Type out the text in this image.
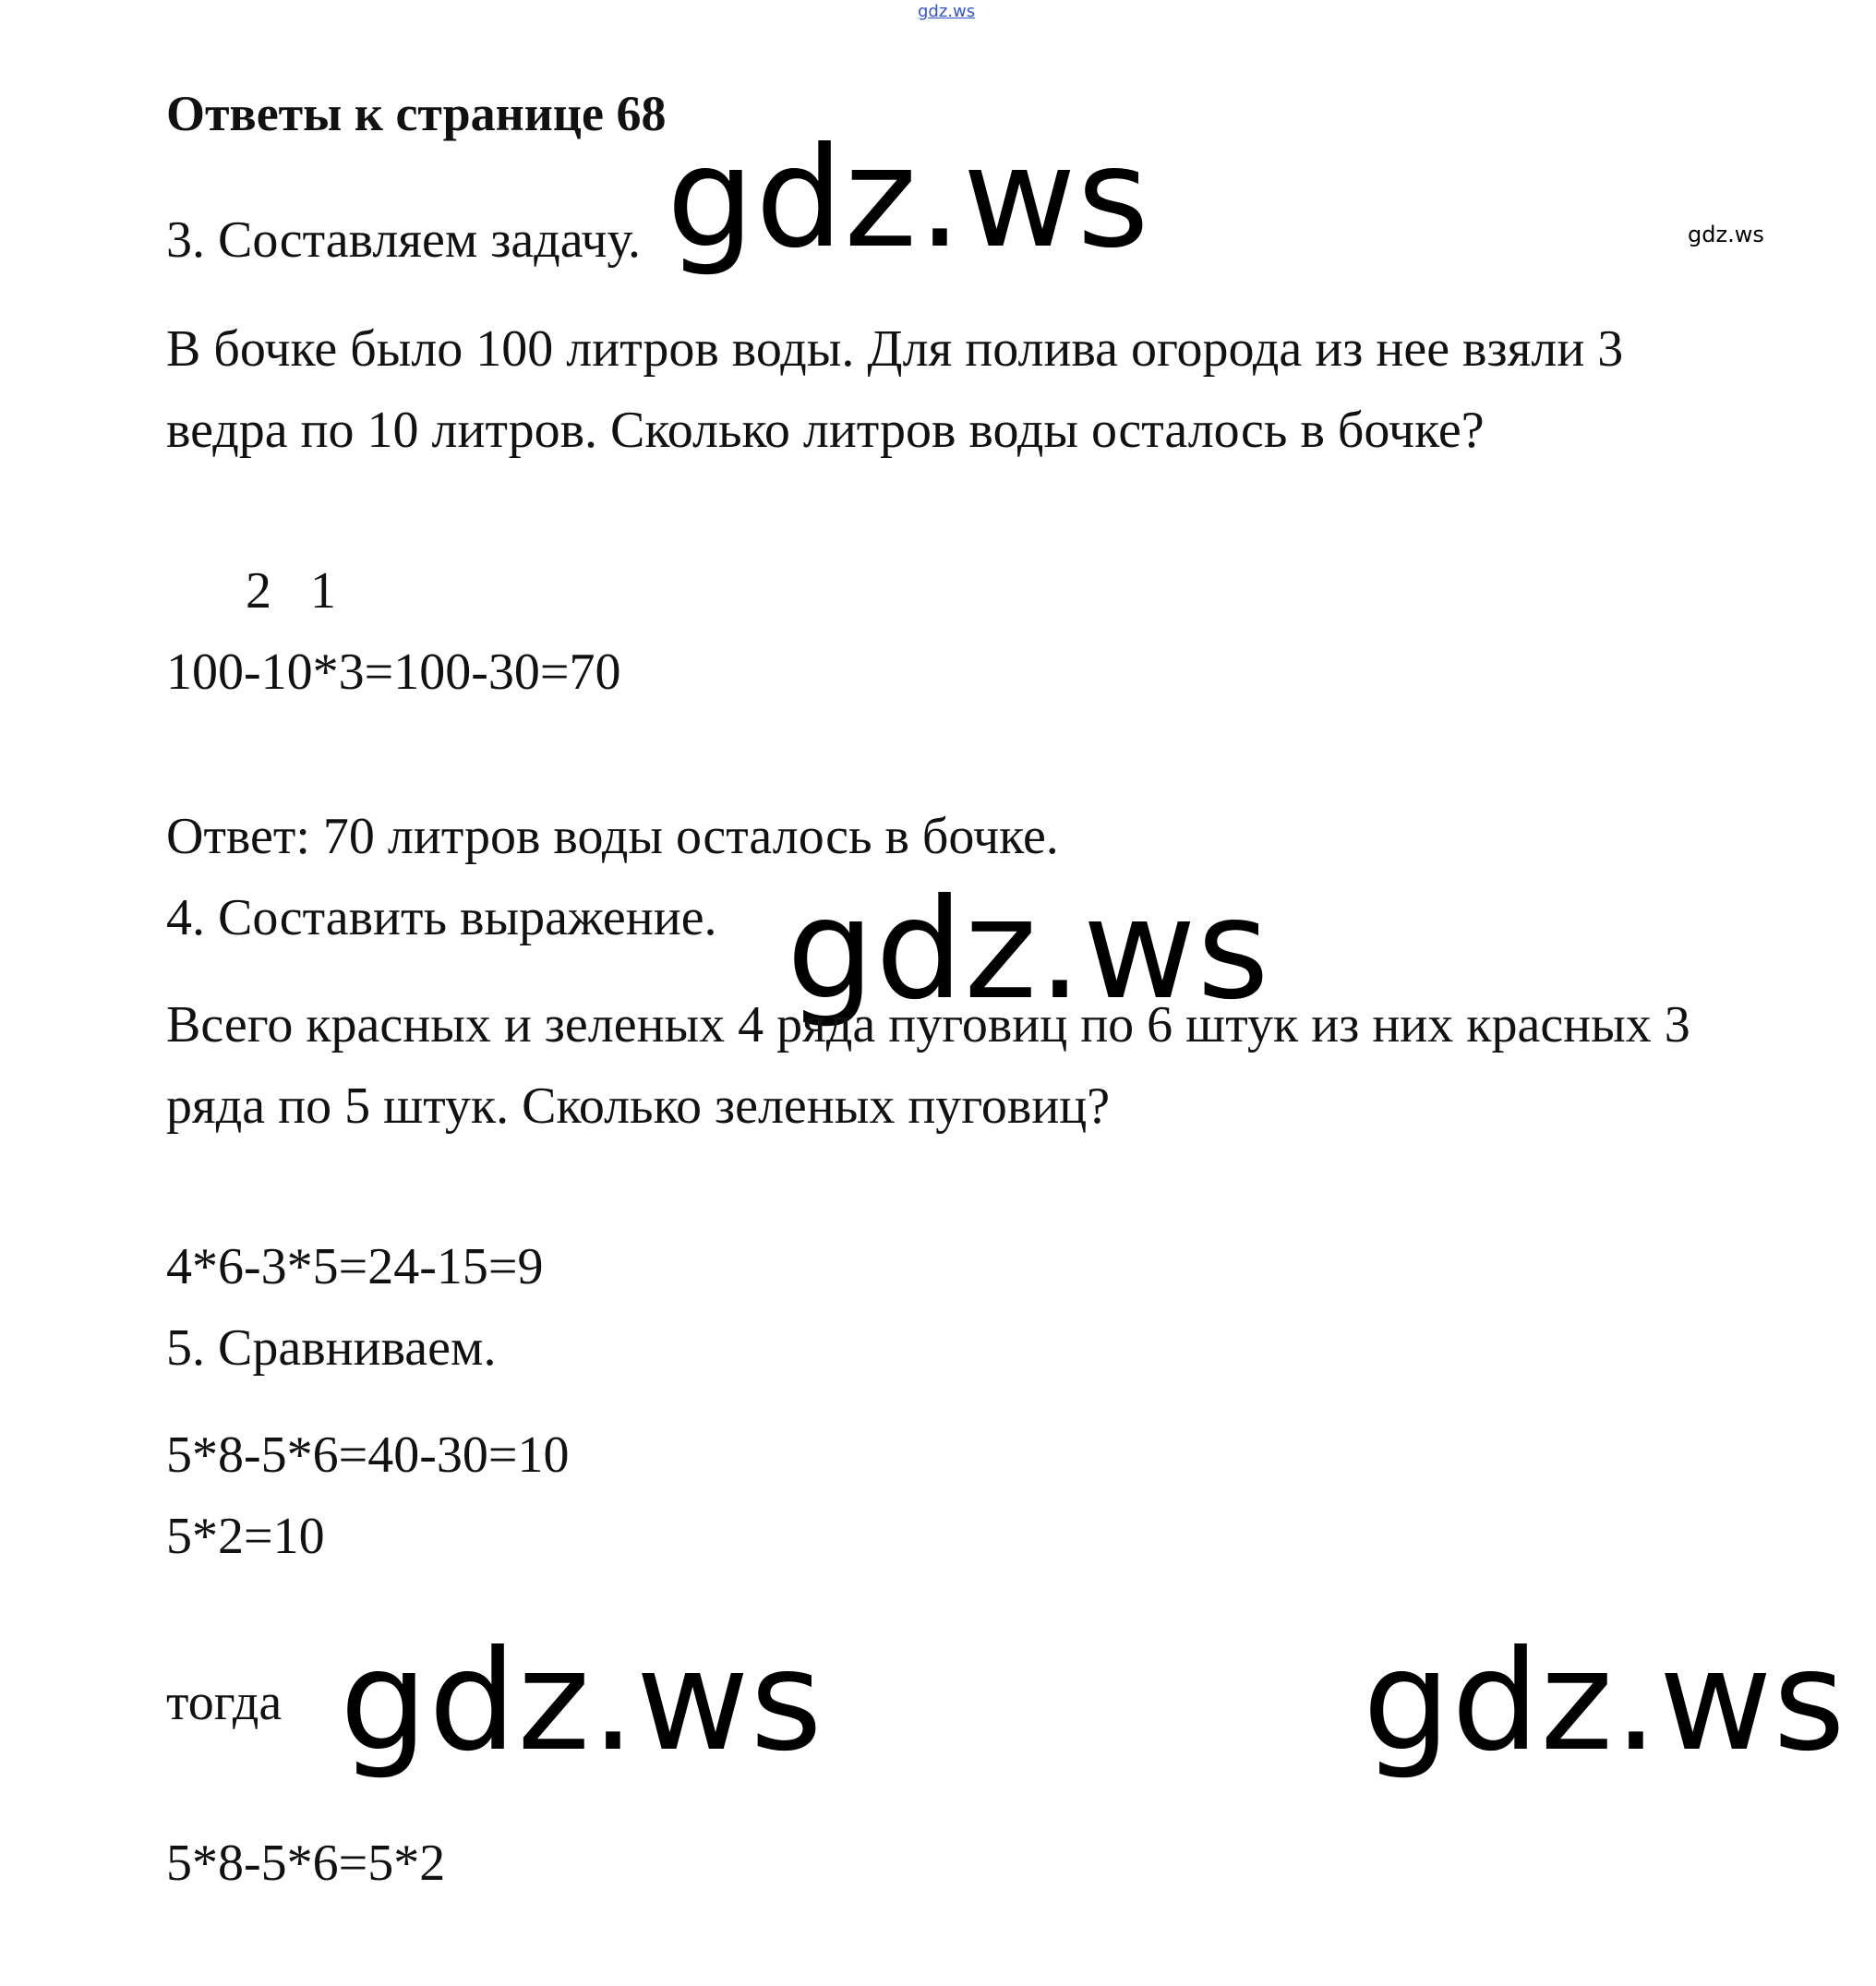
gdz.ws
Ответы к странице 68
3. Составляем задачу. gdz.ws	gdz.ws
В бочке было 100 литров воды. Для полива огорода из нее взяли 3
ведра по 10 литров. Сколько литров воды осталось в бочке?
2   1
100-10*3=100-30=70
Ответ: 70 литров воды осталось в бочке.
4. Составить выражение. gdz.ws
Всего красных и зеленых 4 ряда пуговиц по 6 штук из них красных 3
ряда по 5 штук. Сколько зеленых пуговиц?
4*6-3*5=24-15=9
5. Сравниваем.
5*8-5*6=40-30=10
5*2=10
тогда gdz.ws	gdz.ws
5*8-5*6=5*2
